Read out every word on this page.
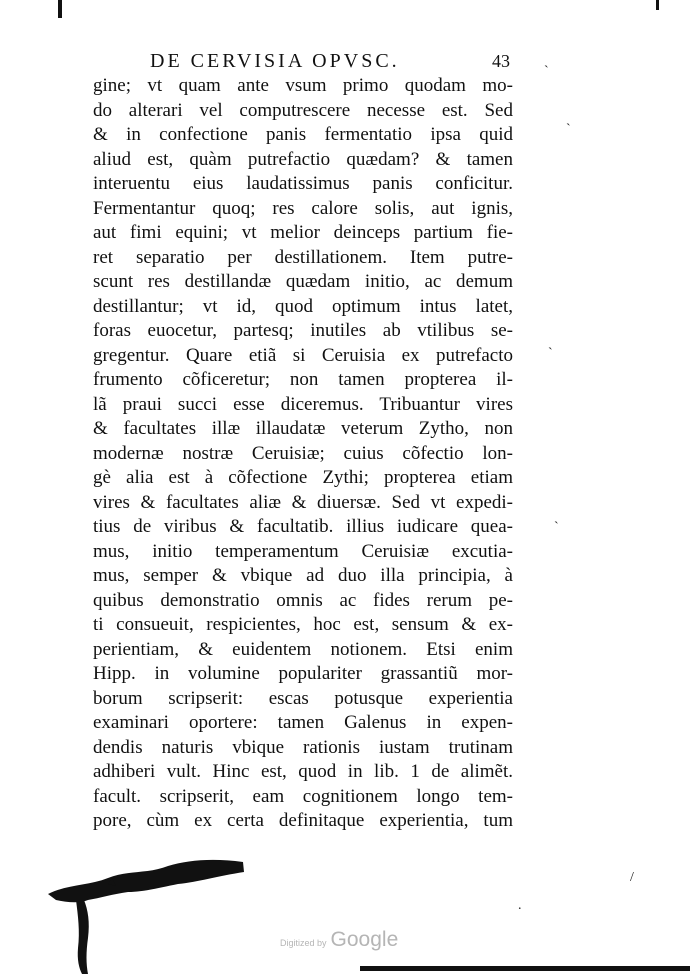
DE CERVISIA OPVSC.	43
gine; vt quam ante vsum primo quodam mo-
do alterari vel computrescere necesse est. Sed
& in confectione panis fermentatio ipsa quid
aliud est, quàm putrefactio quædam? & tamen
interuentu eius laudatissimus panis conficitur.
Fermentantur quoq; res calore solis, aut ignis,
aut fimi equini; vt melior deinceps partium fie-
ret separatio per destillationem. Item putre-
scunt res destillandæ quædam initio, ac demum
destillantur; vt id, quod optimum intus latet,
foras euocetur, partesq; inutiles ab vtilibus se-
gregentur. Quare etiã si Ceruisia ex putrefacto
frumento cõficeretur; non tamen propterea il-
lã praui succi esse diceremus. Tribuantur vires
& facultates illæ illaudatæ veterum Zytho, non
modernæ nostræ Ceruisiæ; cuius cõfectio lon-
gè alia est à cõfectione Zythi; propterea etiam
vires & facultates aliæ & diuersæ. Sed vt expedi-
tius de viribus & facultatib. illius iudicare quea-
mus, initio temperamentum Ceruisiæ excutia-
mus, semper & vbique ad duo illa principia, à
quibus demonstratio omnis ac fides rerum pe-
ti consueuit, respicientes, hoc est, sensum & ex-
perientiam, & euidentem notionem. Etsi enim
Hipp. in volumine populariter grassantiũ mor-
borum scripserit: escas potusque experientia
examinari oportere: tamen Galenus in expen-
dendis naturis vbique rationis iustam trutinam
adhiberi vult. Hinc est, quod in lib. 1 de alimẽt.
facult. scripserit, eam cognitionem longo tem-
pore, cùm ex certa definitaque experientia, tum
`
`
`
`
/
.
Digitized by Google
